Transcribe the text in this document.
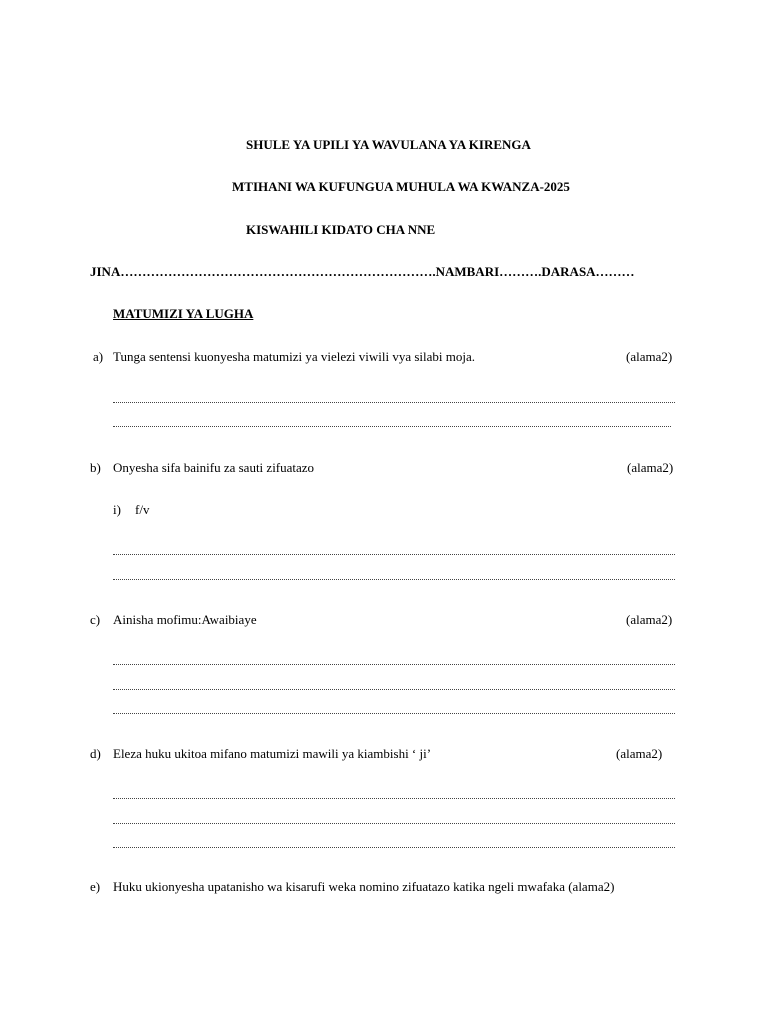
SHULE YA UPILI YA WAVULANA YA KIRENGA
MTIHANI WA KUFUNGUA MUHULA WA KWANZA-2025
KISWAHILI KIDATO CHA NNE
JINA……………………………………………………………….NAMBARI……….DARASA………
MATUMIZI YA LUGHA
a) Tunga sentensi kuonyesha matumizi ya vielezi viwili vya silabi moja.	(alama2)
b) Onyesha sifa bainifu za sauti zifuatazo	(alama2)
i) f/v
c) Ainisha mofimu:Awaibiaye	(alama2)
d) Eleza huku ukitoa mifano matumizi mawili ya kiambishi ‘ ji’	(alama2)
e) Huku ukionyesha upatanisho wa kisarufi weka nomino zifuatazo katika ngeli mwafaka (alama2)
